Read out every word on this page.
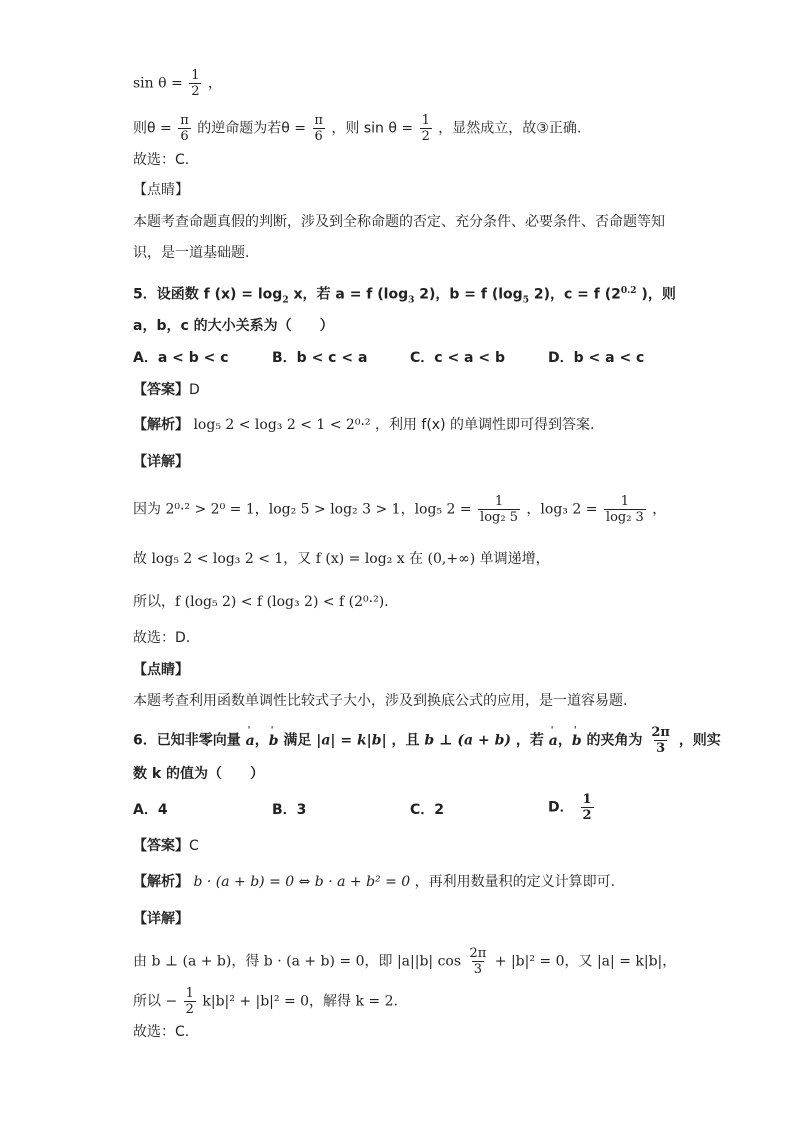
$\sin \theta = \frac{1}{2}$ ，
则$\theta = \frac{\pi}{6}$ 的逆命题为若$\theta = \frac{\pi}{6}$ ，则 $\sin \theta = \frac{1}{2}$ ，显然成立，故③正确.
故选：C.
【点睛】
本题考查命题真假的判断，涉及到全称命题的否定、充分条件、必要条件、否命题等知
识，是一道基础题.
5．设函数 f $(x) = \log_2 x$，若 a = f ($\log_3$ 2)，b = f ($\log_5$ 2)，c = f ($2^{0.2}$ )，则
a，b，c 的大小关系为（　　）
A．a < b < c	B．b < c < a	C．c < a < b	D．b < a < c
【答案】D
【解析】 log₅ 2 < log₃ 2 < 1 < 2⁰·² ，利用 f(x) 的单调性即可得到答案.
【详解】
因为 2⁰·² > 2⁰ = 1，log₂ 5 > log₂ 3 > 1，log₅ $2 = \frac{1}{\text{log₂ 5}}$ ，log₃ $2 = \frac{1}{\text{log₂ 3}}$ ，
故 log₅ 2 < log₃ 2 < 1，又 f (x) = log₂ x 在 (0,+∞) 单调递增，
所以，f (log₅ 2) < f (log₃ 2) < f (2⁰·²).
故选：D.
【点睛】
本题考查利用函数单调性比较式子大小，涉及到换底公式的应用，是一道容易题.
6．已知非零向量 ' a，' b 满足 |a| = k|b| ，且 b ⊥ (a + b) ，若 ' a，' b 的夹角为 $\frac{2\pi}{3}$ ，则实
数 k 的值为（　　）
A．4	B．3	C．2	D． $\frac{1}{2}$
【答案】C
【解析】 b · (a + b) = 0 ⇔ b · a + b² = 0 ，再利用数量积的定义计算即可.
【详解】
由 b ⊥ (a + b)，得 b · (a + b) = 0，即 |a||b| $\cos \frac{2\pi}{3} + |b|^2 = 0$，又 |a| = k|b|，
所以 − $\frac{1}{2} k|b|^2 + |b|^2 = 0$，解得 k = 2.
故选：C.
